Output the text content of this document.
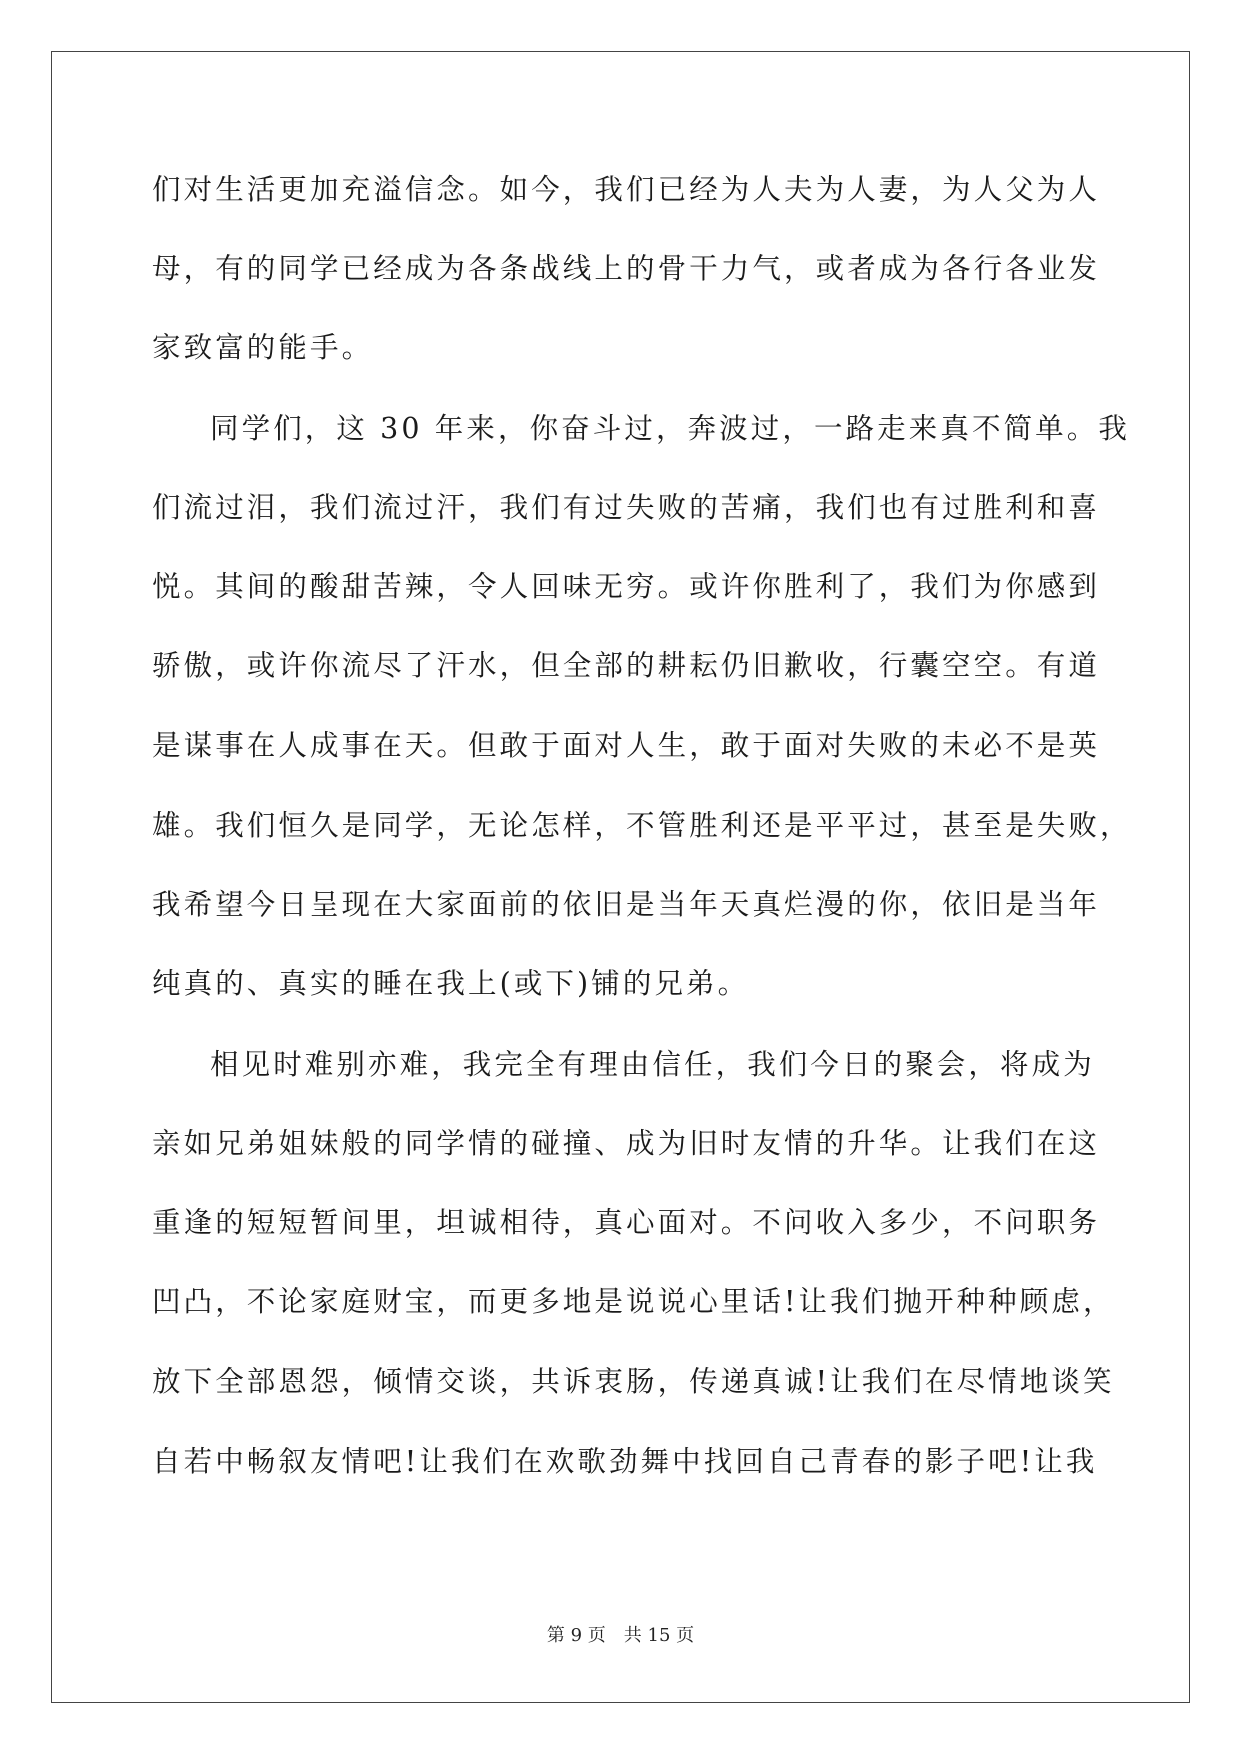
们对生活更加充溢信念。如今，我们已经为人夫为人妻，为人父为人
母，有的同学已经成为各条战线上的骨干力气，或者成为各行各业发
家致富的能手。
同学们，这 30 年来，你奋斗过，奔波过，一路走来真不简单。我
们流过泪，我们流过汗，我们有过失败的苦痛，我们也有过胜利和喜
悦。其间的酸甜苦辣，令人回味无穷。或许你胜利了，我们为你感到
骄傲，或许你流尽了汗水，但全部的耕耘仍旧歉收，行囊空空。有道
是谋事在人成事在天。但敢于面对人生，敢于面对失败的未必不是英
雄。我们恒久是同学，无论怎样，不管胜利还是平平过，甚至是失败，
我希望今日呈现在大家面前的依旧是当年天真烂漫的你，依旧是当年
纯真的、真实的睡在我上(或下)铺的兄弟。
相见时难别亦难，我完全有理由信任，我们今日的聚会，将成为
亲如兄弟姐妹般的同学情的碰撞、成为旧时友情的升华。让我们在这
重逢的短短暂间里，坦诚相待，真心面对。不问收入多少，不问职务
凹凸，不论家庭财宝，而更多地是说说心里话!让我们抛开种种顾虑，
放下全部恩怨，倾情交谈，共诉衷肠，传递真诚!让我们在尽情地谈笑
自若中畅叙友情吧!让我们在欢歌劲舞中找回自己青春的影子吧!让我
第 9 页 共 15 页
